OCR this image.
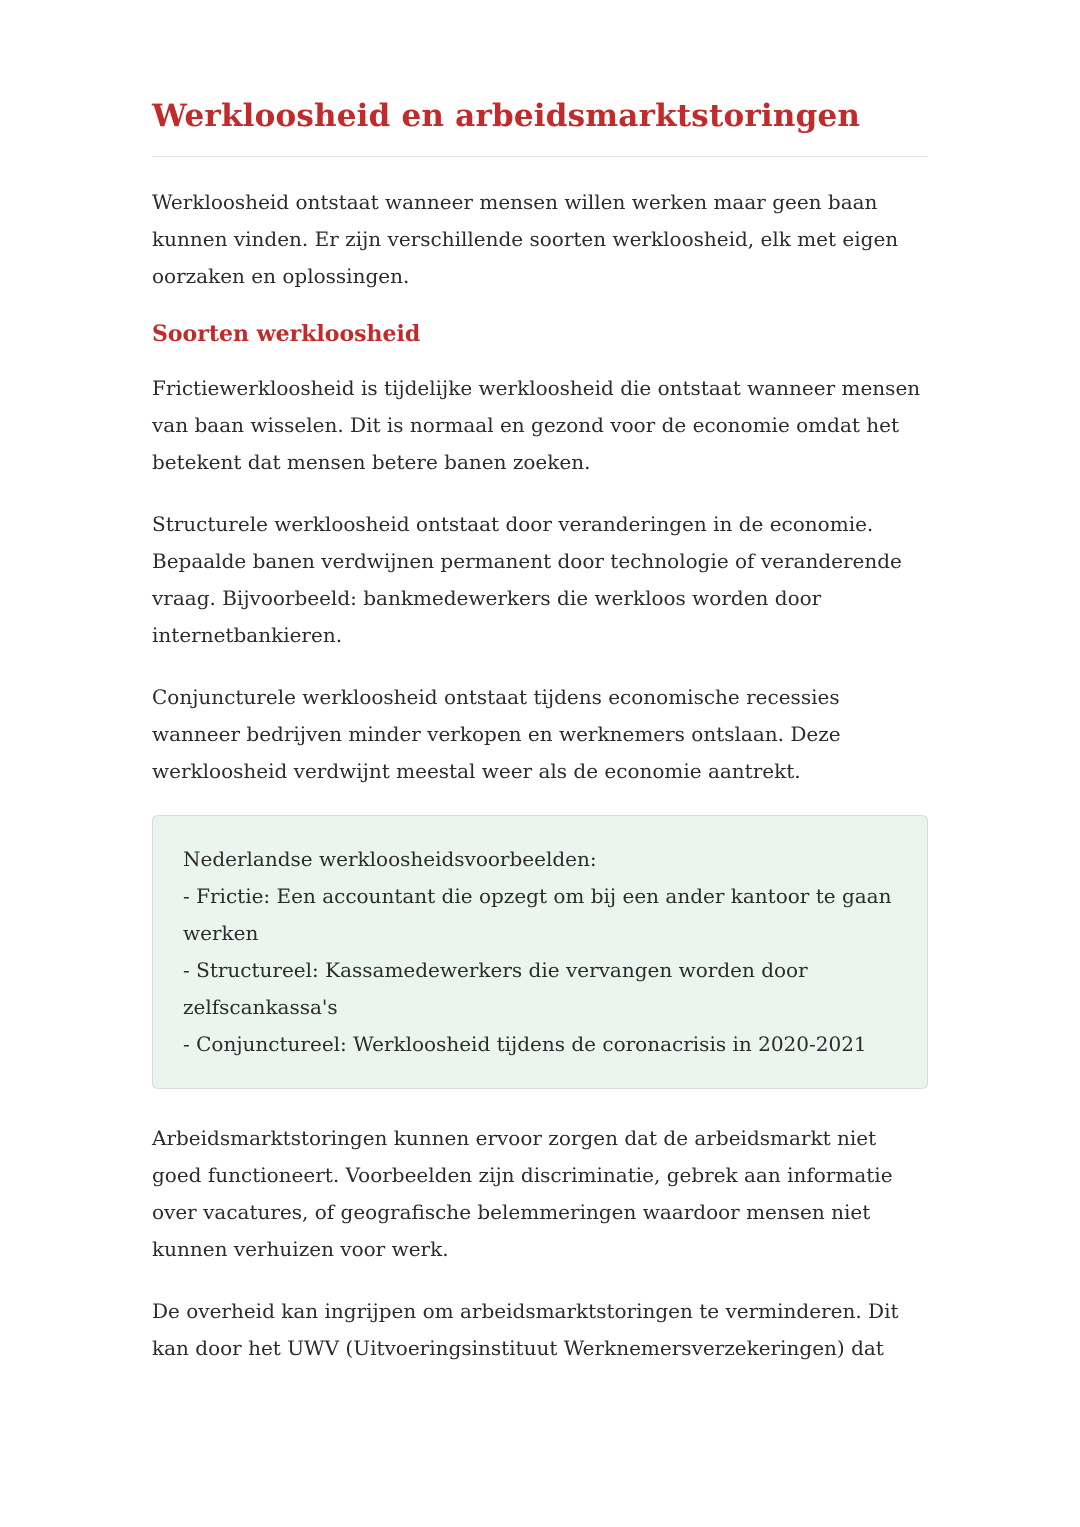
Werkloosheid en arbeidsmarktstoringen

Werkloosheid ontstaat wanneer mensen willen werken maar geen baan kunnen vinden. Er zijn verschillende soorten werkloosheid, elk met eigen oorzaken en oplossingen.

Soorten werkloosheid

Frictiewerkloosheid is tijdelijke werkloosheid die ontstaat wanneer mensen van baan wisselen. Dit is normaal en gezond voor de economie omdat het betekent dat mensen betere banen zoeken.

Structurele werkloosheid ontstaat door veranderingen in de economie. Bepaalde banen verdwijnen permanent door technologie of veranderende vraag. Bijvoorbeeld: bankmedewerkers die werkloos worden door internetbankieren.

Conjuncturele werkloosheid ontstaat tijdens economische recessies wanneer bedrijven minder verkopen en werknemers ontslaan. Deze werkloosheid verdwijnt meestal weer als de economie aantrekt.

Nederlandse werkloosheidsvoorbeelden:

- Frictie: Een accountant die opzegt om bij een ander kantoor te gaan werken

- Structureel: Kassamedewerkers die vervangen worden door zelfscankassa's

- Conjunctureel: Werkloosheid tijdens de coronacrisis in 2020-2021

Arbeidsmarktstoringen kunnen ervoor zorgen dat de arbeidsmarkt niet goed functioneert. Voorbeelden zijn discriminatie, gebrek aan informatie over vacatures, of geografische belemmeringen waardoor mensen niet kunnen verhuizen voor werk.

De overheid kan ingrijpen om arbeidsmarktstoringen te verminderen. Dit kan door het UWV (Uitvoeringsinstituut Werknemersverzekeringen) dat
